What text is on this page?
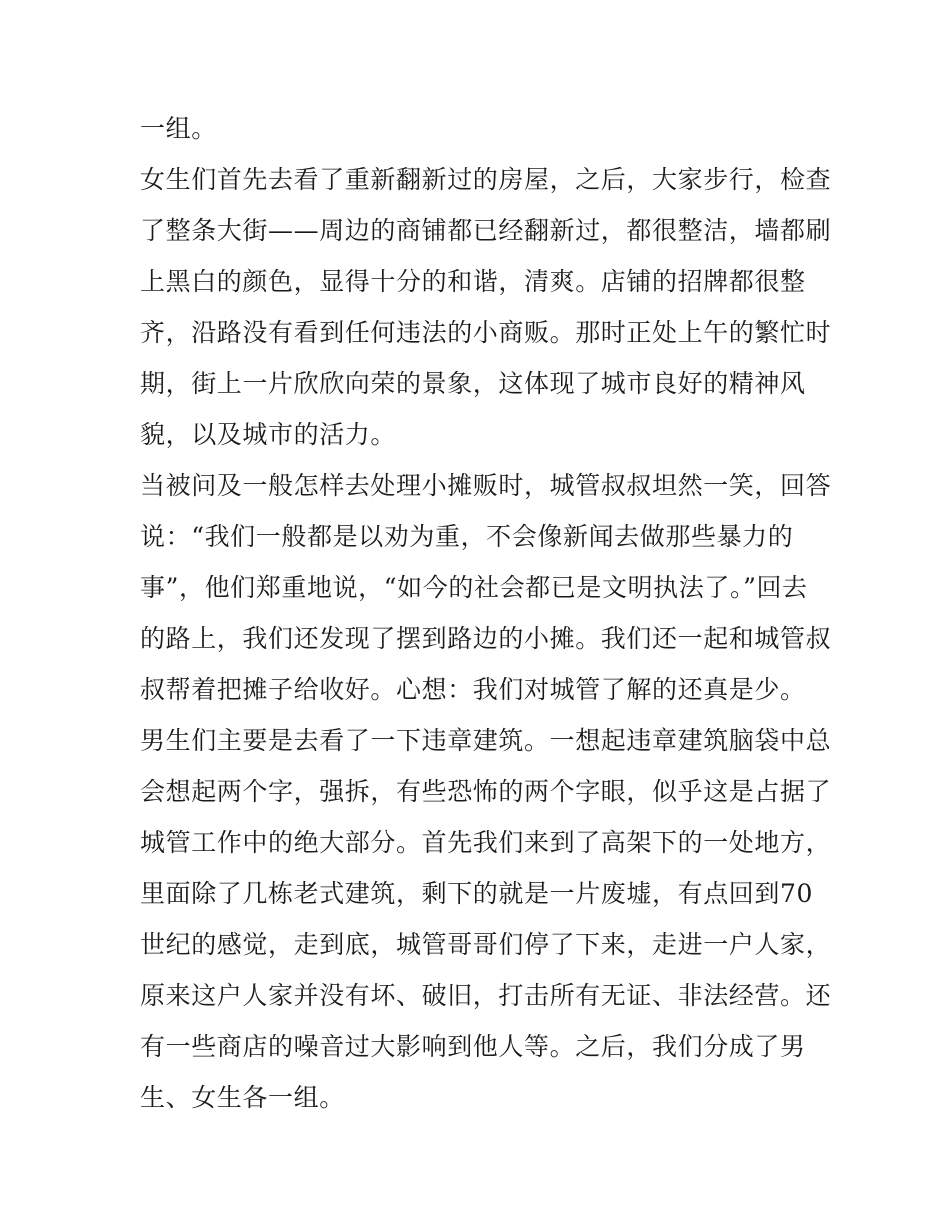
一组。
女生们首先去看了重新翻新过的房屋，之后，大家步行，检查
了整条大街——周边的商铺都已经翻新过，都很整洁，墙都刷
上黑白的颜色，显得十分的和谐，清爽。店铺的招牌都很整
齐，沿路没有看到任何违法的小商贩。那时正处上午的繁忙时
期，街上一片欣欣向荣的景象，这体现了城市良好的精神风
貌，以及城市的活力。
当被问及一般怎样去处理小摊贩时，城管叔叔坦然一笑，回答
说：“我们一般都是以劝为重，不会像新闻去做那些暴力的
事”，他们郑重地说，“如今的社会都已是文明执法了。”回去
的路上，我们还发现了摆到路边的小摊。我们还一起和城管叔
叔帮着把摊子给收好。心想：我们对城管了解的还真是少。
男生们主要是去看了一下违章建筑。一想起违章建筑脑袋中总
会想起两个字，强拆，有些恐怖的两个字眼，似乎这是占据了
城管工作中的绝大部分。首先我们来到了高架下的一处地方，
里面除了几栋老式建筑，剩下的就是一片废墟，有点回到70
世纪的感觉，走到底，城管哥哥们停了下来，走进一户人家，
原来这户人家并没有坏、破旧，打击所有无证、非法经营。还
有一些商店的噪音过大影响到他人等。之后，我们分成了男
生、女生各一组。
